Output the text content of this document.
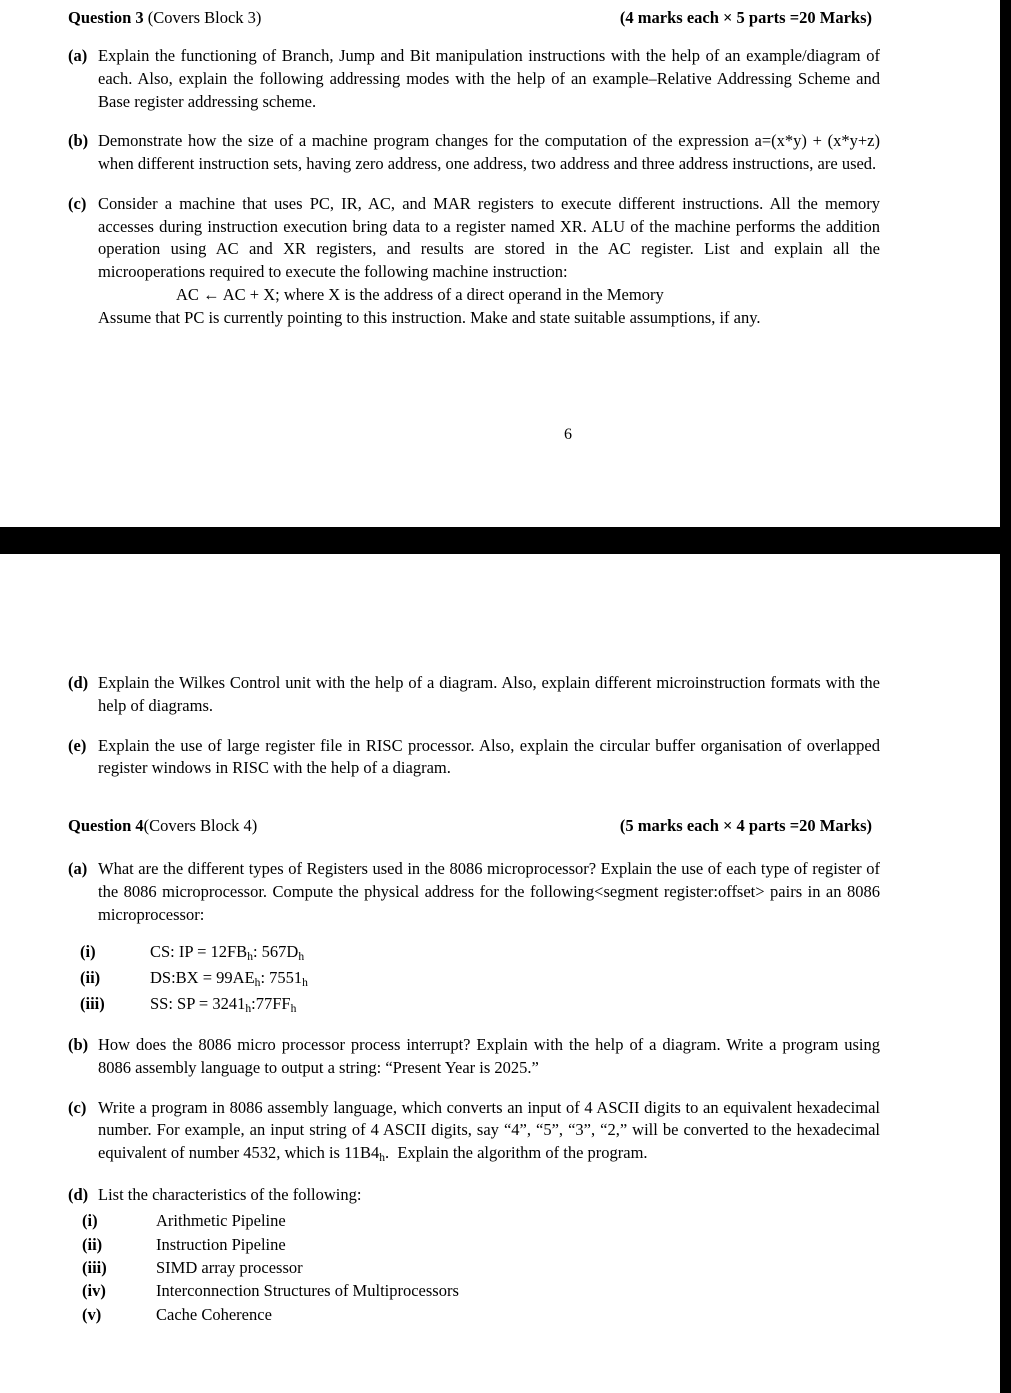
Question 3 (Covers Block 3)	(4 marks each × 5 parts =20 Marks)
(a) Explain the functioning of Branch, Jump and Bit manipulation instructions with the help of an example/diagram of each. Also, explain the following addressing modes with the help of an example–Relative Addressing Scheme and Base register addressing scheme.
(b) Demonstrate how the size of a machine program changes for the computation of the expression a=(x*y) + (x*y+z) when different instruction sets, having zero address, one address, two address and three address instructions, are used.
(c) Consider a machine that uses PC, IR, AC, and MAR registers to execute different instructions. All the memory accesses during instruction execution bring data to a register named XR. ALU of the machine performs the addition operation using AC and XR registers, and results are stored in the AC register. List and explain all the microoperations required to execute the following machine instruction:
AC ← AC + X; where X is the address of a direct operand in the Memory
Assume that PC is currently pointing to this instruction. Make and state suitable assumptions, if any.
6
(d) Explain the Wilkes Control unit with the help of a diagram. Also, explain different microinstruction formats with the help of diagrams.
(e) Explain the use of large register file in RISC processor. Also, explain the circular buffer organisation of overlapped register windows in RISC with the help of a diagram.
Question 4(Covers Block 4)	(5 marks each × 4 parts =20 Marks)
(a) What are the different types of Registers used in the 8086 microprocessor? Explain the use of each type of register of the 8086 microprocessor. Compute the physical address for the following<segment register:offset> pairs in an 8086 microprocessor:
(i)	CS: IP = $12FB_h$: $567D_h$
(ii)	DS:BX = $99AE_h$: $7551_h$
(iii)	SS: SP = $3241_h:77FF_h$
(b) How does the 8086 micro processor process interrupt? Explain with the help of a diagram. Write a program using 8086 assembly language to output a string: “Present Year is 2025.”
(c) Write a program in 8086 assembly language, which converts an input of 4 ASCII digits to an equivalent hexadecimal number. For example, an input string of 4 ASCII digits, say “4”, “5”, “3”, “2,” will be converted to the hexadecimal equivalent of number 4532, which is $11B4_h$.  Explain the algorithm of the program.
(d) List the characteristics of the following:
(i)	Arithmetic Pipeline
(ii)	Instruction Pipeline
(iii)	SIMD array processor
(iv)	Interconnection Structures of Multiprocessors
(v)	Cache Coherence
